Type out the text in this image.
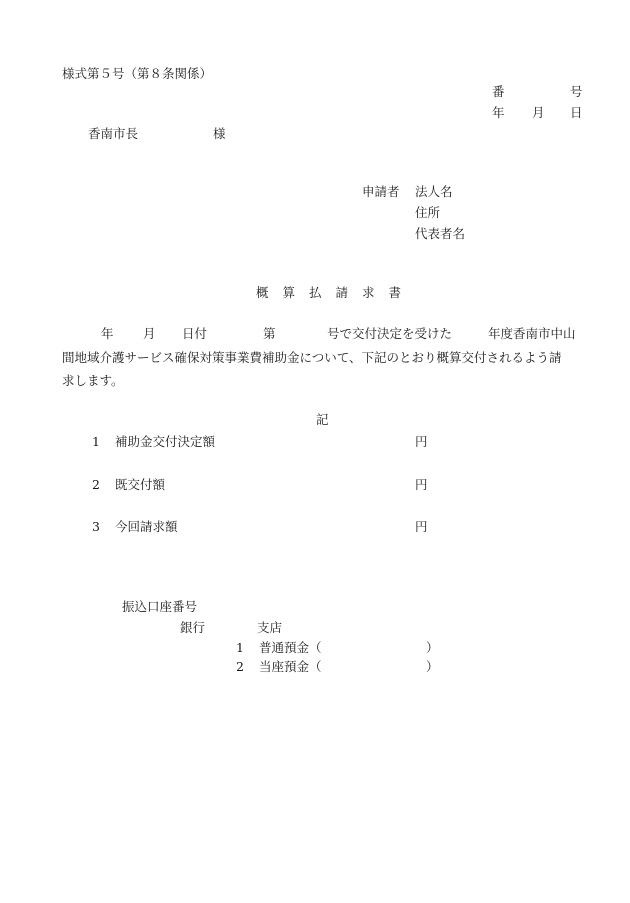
様式第５号（第８条関係）
番	号
年 月 日
香南市長	様
申請者 法人名
住所
代表者名
概算払請求書
年 月 日付	第	号で交付決定を受けた	年度香南市中山
間地域介護サービス確保対策事業費補助金について、下記のとおり概算交付されるよう請
求します。
記
1 補助金交付決定額	円
2 既交付額	円
3 今回請求額	円
振込口座番号
銀行	支店
1 普通預金（	）
2 当座預金（	）
